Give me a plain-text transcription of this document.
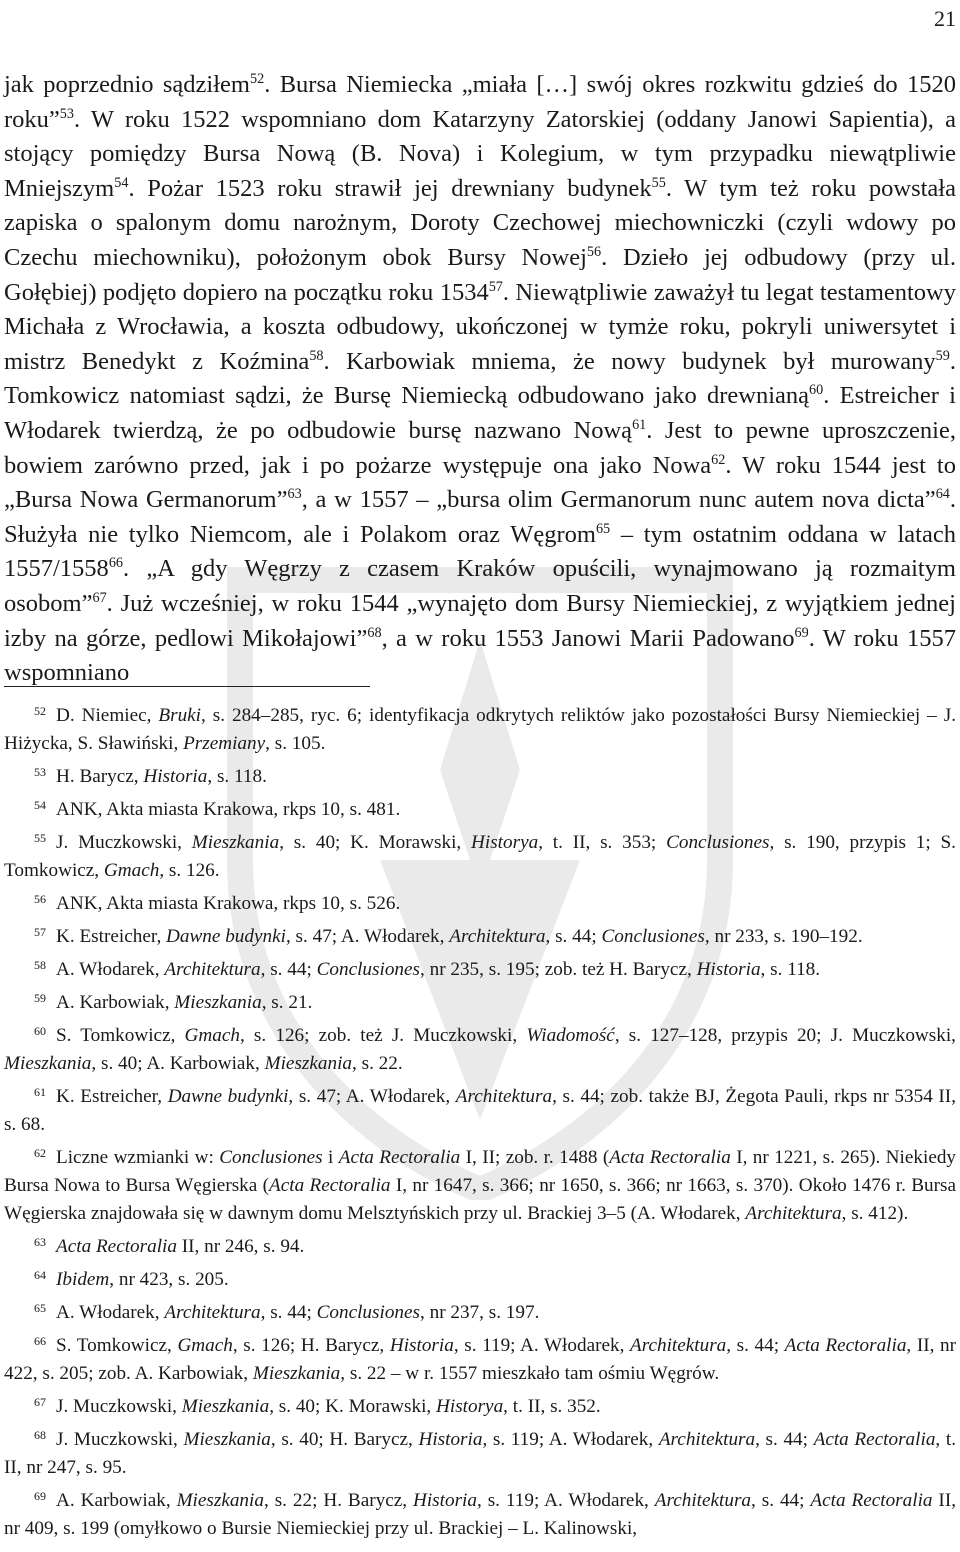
21

jak poprzednio sądziłem$^{52}$. Bursa Niemiecka „miała […] swój okres rozkwitu gdzieś do 1520 roku”$^{53}$. W roku 1522 wspomniano dom Katarzyny Zatorskiej (oddany Janowi Sapientia), a stojący pomiędzy Bursa Nową (B. Nova) i Kolegium, w tym przypadku niewątpliwie Mniejszym$^{54}$. Pożar 1523 roku strawił jej drewniany budynek$^{55}$. W tym też roku powstała zapiska o spalonym domu narożnym, Doroty Czechowej miechowniczki (czyli wdowy po Czechu miechowniku), położonym obok Bursy Nowej$^{56}$. Dzieło jej odbudowy (przy ul. Gołębiej) podjęto dopiero na początku roku 1534$^{57}$. Niewątpliwie zaważył tu legat testamentowy Michała z Wrocławia, a koszta odbudowy, ukończonej w tymże roku, pokryli uniwersytet i mistrz Benedykt z Koźmina$^{58}$. Karbowiak mniema, że nowy budynek był murowany$^{59}$. Tomkowicz natomiast sądzi, że Bursę Niemiecką odbudowano jako drewnianą$^{60}$. Estreicher i Włodarek twierdzą, że po odbudowie bursę nazwano Nową$^{61}$. Jest to pewne uproszczenie, bowiem zarówno przed, jak i po pożarze występuje ona jako Nowa$^{62}$. W roku 1544 jest to „Bursa Nowa Germanorum”$^{63}$, a w 1557 – „bursa olim Germanorum nunc autem nova dicta”$^{64}$. Służyła nie tylko Niemcom, ale i Polakom oraz Węgrom$^{65}$ – tym ostatnim oddana w latach 1557/1558$^{66}$. „A gdy Węgrzy z czasem Kraków opuścili, wynajmowano ją rozmaitym osobom”$^{67}$. Już wcześniej, w roku 1544 „wynajęto dom Bursy Niemieckiej, z wyjątkiem jednej izby na górze, pedlowi Mikołajowi”$^{68}$, a w roku 1553 Janowi Marii Padowano$^{69}$. W roku 1557 wspomniano

$^{52}$ D. Niemiec, Bruki, s. 284–285, ryc. 6; identyfikacja odkrytych reliktów jako pozostałości Bursy Niemieckiej – J. Hiżycka, S. Sławiński, Przemiany, s. 105.

$^{53}$ H. Barycz, Historia, s. 118.

$^{54}$ ANK, Akta miasta Krakowa, rkps 10, s. 481.

$^{55}$ J. Muczkowski, Mieszkania, s. 40; K. Morawski, Historya, t. II, s. 353; Conclusiones, s. 190, przypis 1; S. Tomkowicz, Gmach, s. 126.

$^{56}$ ANK, Akta miasta Krakowa, rkps 10, s. 526.

$^{57}$ K. Estreicher, Dawne budynki, s. 47; A. Włodarek, Architektura, s. 44; Conclusiones, nr 233, s. 190–192.

$^{58}$ A. Włodarek, Architektura, s. 44; Conclusiones, nr 235, s. 195; zob. też H. Barycz, Historia, s. 118.

$^{59}$ A. Karbowiak, Mieszkania, s. 21.

$^{60}$ S. Tomkowicz, Gmach, s. 126; zob. też J. Muczkowski, Wiadomość, s. 127–128, przypis 20; J. Muczkowski, Mieszkania, s. 40; A. Karbowiak, Mieszkania, s. 22.

$^{61}$ K. Estreicher, Dawne budynki, s. 47; A. Włodarek, Architektura, s. 44; zob. także BJ, Żegota Pauli, rkps nr 5354 II, s. 68.

$^{62}$ Liczne wzmianki w: Conclusiones i Acta Rectoralia I, II; zob. r. 1488 (Acta Rectoralia I, nr 1221, s. 265). Niekiedy Bursa Nowa to Bursa Węgierska (Acta Rectoralia I, nr 1647, s. 366; nr 1650, s. 366; nr 1663, s. 370). Około 1476 r. Bursa Węgierska znajdowała się w dawnym domu Melsztyńskich przy ul. Brackiej 3–5 (A. Włodarek, Architektura, s. 412).

$^{63}$ Acta Rectoralia II, nr 246, s. 94.

$^{64}$ Ibidem, nr 423, s. 205.

$^{65}$ A. Włodarek, Architektura, s. 44; Conclusiones, nr 237, s. 197.

$^{66}$ S. Tomkowicz, Gmach, s. 126; H. Barycz, Historia, s. 119; A. Włodarek, Architektura, s. 44; Acta Rectoralia, II, nr 422, s. 205; zob. A. Karbowiak, Mieszkania, s. 22 – w r. 1557 mieszkało tam ośmiu Węgrów.

$^{67}$ J. Muczkowski, Mieszkania, s. 40; K. Morawski, Historya, t. II, s. 352.

$^{68}$ J. Muczkowski, Mieszkania, s. 40; H. Barycz, Historia, s. 119; A. Włodarek, Architektura, s. 44; Acta Rectoralia, t. II, nr 247, s. 95.

$^{69}$ A. Karbowiak, Mieszkania, s. 22; H. Barycz, Historia, s. 119; A. Włodarek, Architektura, s. 44; Acta Rectoralia II, nr 409, s. 199 (omyłkowo o Bursie Niemieckiej przy ul. Brackiej – L. Kalinowski,
